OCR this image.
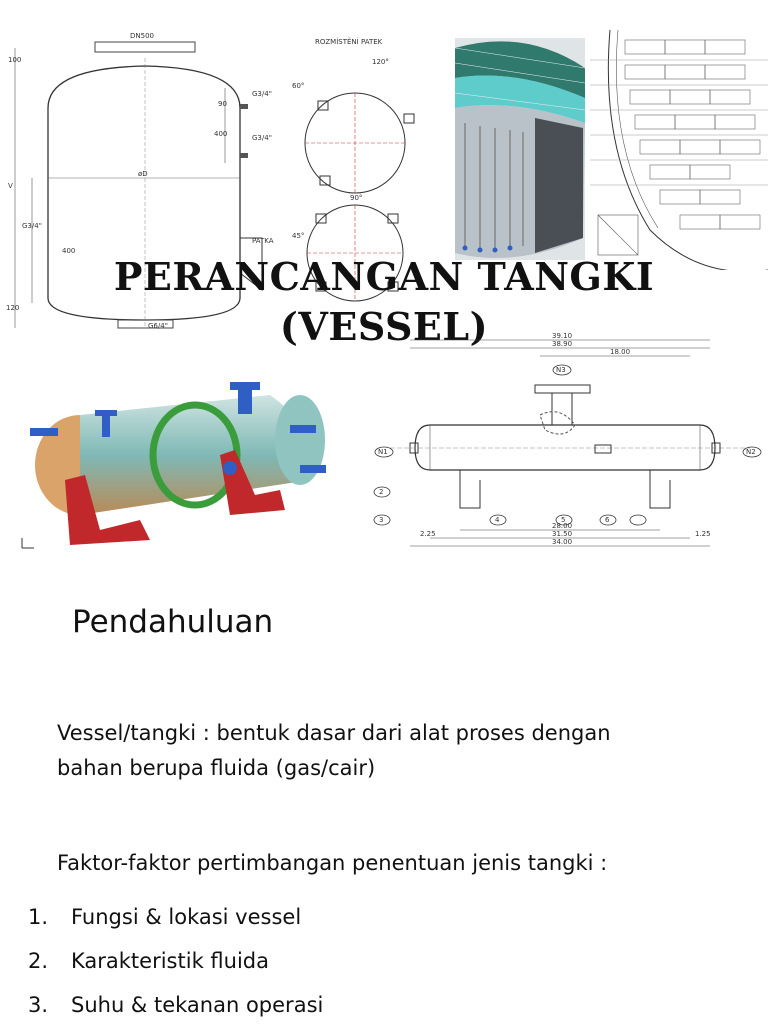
DN500
øD
100
90
400
400
120
V
G3/4"
G3/4"
G3/4"
G6/4"
PATKA
ROZMÍSTĚNÍ PATEK
120°
60°
90°
45°
PERANCANGAN TANGKI
(VESSEL)	39.10
38.90
18.00
28.00
31.50
34.00
2.25	1.25
N1	N2
N3
2
3	4	5	6
Pendahuluan
Vessel/tangki : bentuk dasar dari alat proses dengan
bahan berupa fluida (gas/cair)
Faktor-faktor pertimbangan penentuan jenis tangki :
1.	Fungsi & lokasi vessel
2.	Karakteristik fluida
3.	Suhu & tekanan operasi
